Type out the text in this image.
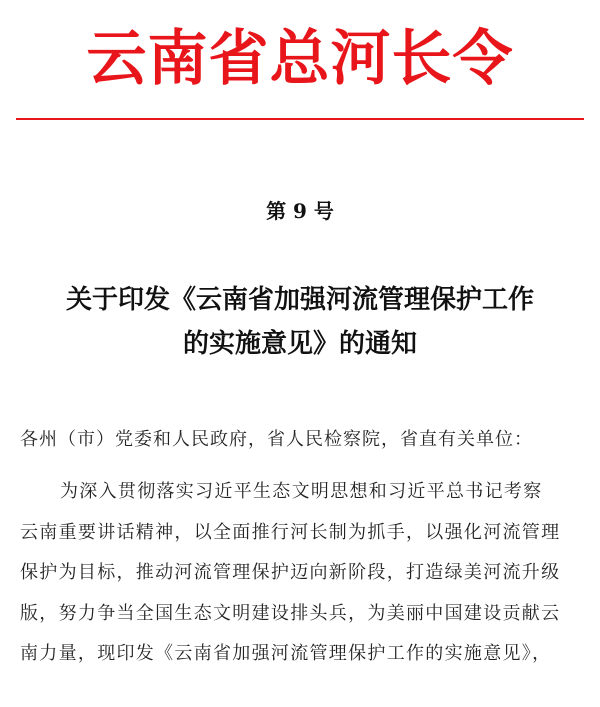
云南省总河长令
第 9 号
关于印发《云南省加强河流管理保护工作
的实施意见》的通知
各州（市）党委和人民政府，省人民检察院，省直有关单位：
为深入贯彻落实习近平生态文明思想和习近平总书记考察
云南重要讲话精神，以全面推行河长制为抓手，以强化河流管理
保护为目标，推动河流管理保护迈向新阶段，打造绿美河流升级
版，努力争当全国生态文明建设排头兵，为美丽中国建设贡献云
南力量，现印发《云南省加强河流管理保护工作的实施意见》，
